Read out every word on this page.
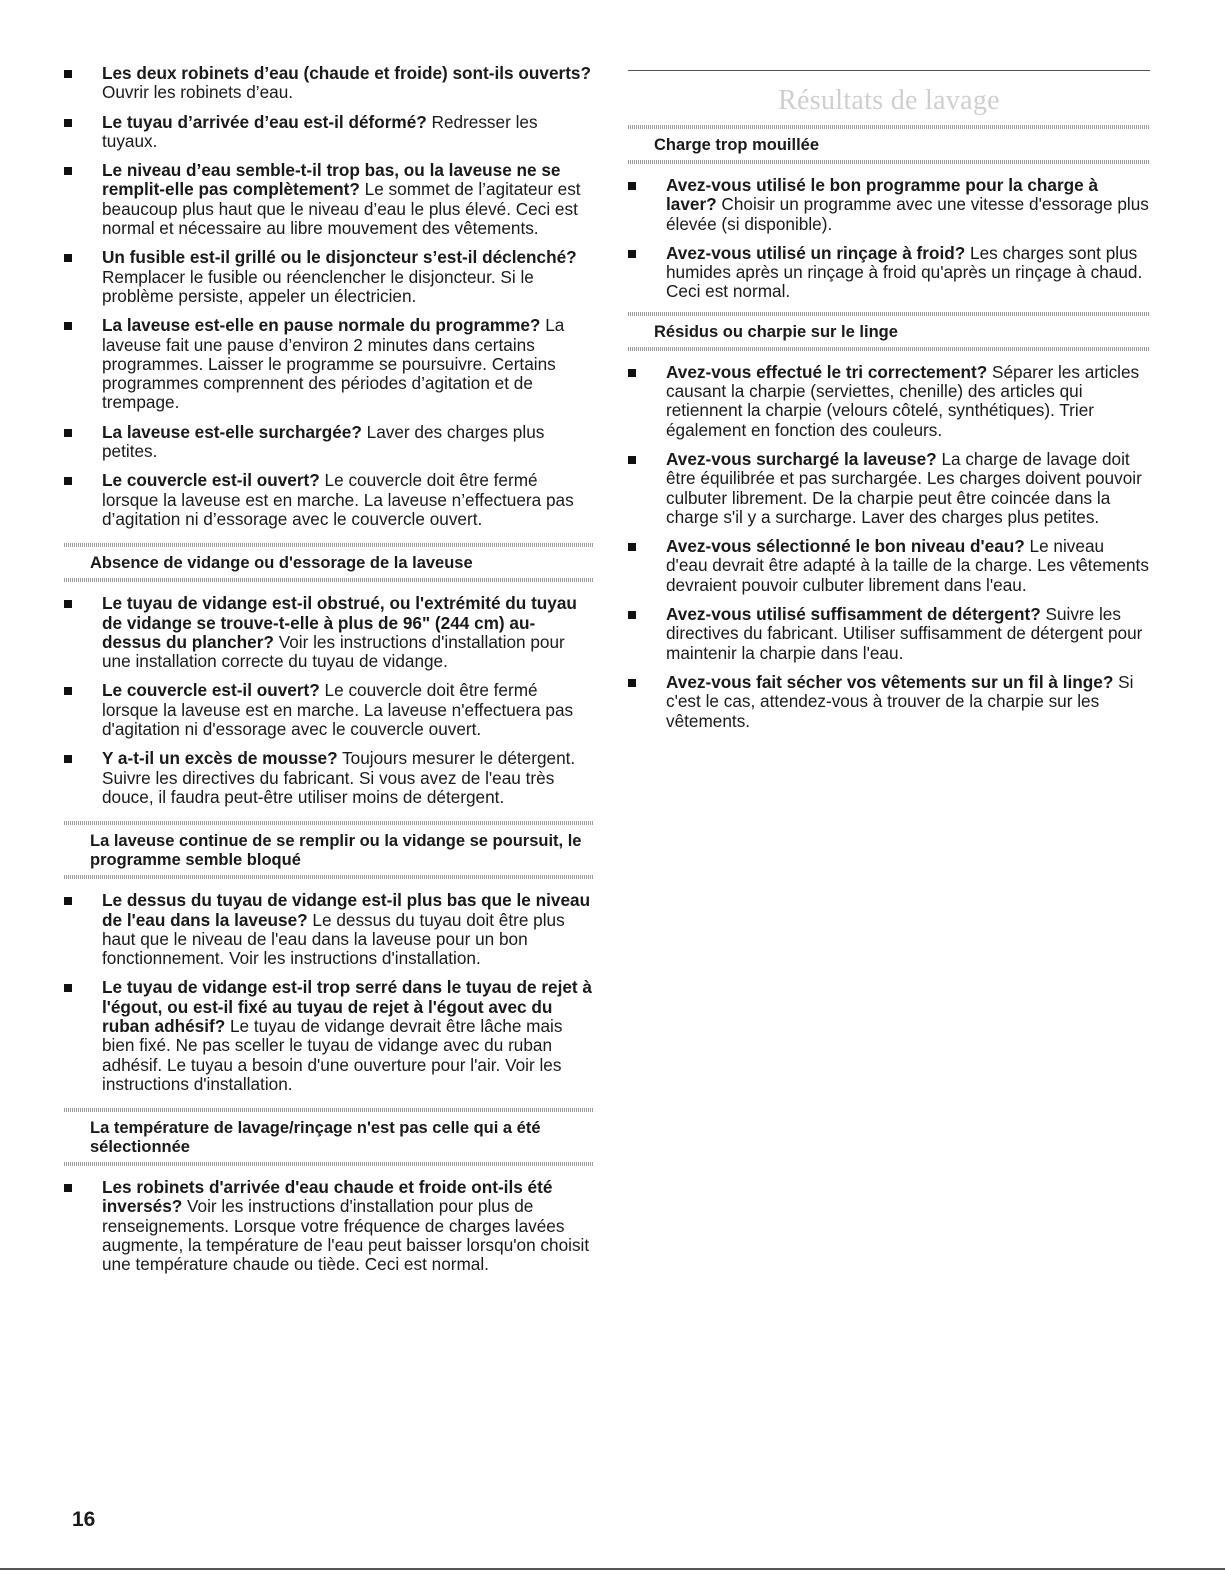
Les deux robinets d’eau (chaude et froide) sont-ils ouverts? Ouvrir les robinets d’eau.
Le tuyau d’arrivée d’eau est-il déformé? Redresser les tuyaux.
Le niveau d’eau semble-t-il trop bas, ou la laveuse ne se remplit-elle pas complètement? Le sommet de l’agitateur est beaucoup plus haut que le niveau d’eau le plus élevé. Ceci est normal et nécessaire au libre mouvement des vêtements.
Un fusible est-il grillé ou le disjoncteur s’est-il déclenché? Remplacer le fusible ou réenclencher le disjoncteur. Si le problème persiste, appeler un électricien.
La laveuse est-elle en pause normale du programme? La laveuse fait une pause d’environ 2 minutes dans certains programmes. Laisser le programme se poursuivre. Certains programmes comprennent des périodes d’agitation et de trempage.
La laveuse est-elle surchargée? Laver des charges plus petites.
Le couvercle est-il ouvert? Le couvercle doit être fermé lorsque la laveuse est en marche. La laveuse n’effectuera pas d’agitation ni d’essorage avec le couvercle ouvert.
Absence de vidange ou d'essorage de la laveuse
Le tuyau de vidange est-il obstrué, ou l'extrémité du tuyau de vidange se trouve-t-elle à plus de 96" (244 cm) au-dessus du plancher? Voir les instructions d'installation pour une installation correcte du tuyau de vidange.
Le couvercle est-il ouvert? Le couvercle doit être fermé lorsque la laveuse est en marche. La laveuse n'effectuera pas d'agitation ni d'essorage avec le couvercle ouvert.
Y a-t-il un excès de mousse? Toujours mesurer le détergent. Suivre les directives du fabricant. Si vous avez de l'eau très douce, il faudra peut-être utiliser moins de détergent.
La laveuse continue de se remplir ou la vidange se poursuit, le programme semble bloqué
Le dessus du tuyau de vidange est-il plus bas que le niveau de l'eau dans la laveuse? Le dessus du tuyau doit être plus haut que le niveau de l'eau dans la laveuse pour un bon fonctionnement. Voir les instructions d'installation.
Le tuyau de vidange est-il trop serré dans le tuyau de rejet à l'égout, ou est-il fixé au tuyau de rejet à l'égout avec du ruban adhésif? Le tuyau de vidange devrait être lâche mais bien fixé. Ne pas sceller le tuyau de vidange avec du ruban adhésif. Le tuyau a besoin d'une ouverture pour l'air. Voir les instructions d'installation.
La température de lavage/rinçage n'est pas celle qui a été sélectionnée
Les robinets d'arrivée d'eau chaude et froide ont-ils été inversés? Voir les instructions d'installation pour plus de renseignements. Lorsque votre fréquence de charges lavées augmente, la température de l'eau peut baisser lorsqu'on choisit une température chaude ou tiède. Ceci est normal.
Résultats de lavage
Charge trop mouillée
Avez-vous utilisé le bon programme pour la charge à laver? Choisir un programme avec une vitesse d'essorage plus élevée (si disponible).
Avez-vous utilisé un rinçage à froid? Les charges sont plus humides après un rinçage à froid qu'après un rinçage à chaud. Ceci est normal.
Résidus ou charpie sur le linge
Avez-vous effectué le tri correctement? Séparer les articles causant la charpie (serviettes, chenille) des articles qui retiennent la charpie (velours côtelé, synthétiques). Trier également en fonction des couleurs.
Avez-vous surchargé la laveuse? La charge de lavage doit être équilibrée et pas surchargée. Les charges doivent pouvoir culbuter librement. De la charpie peut être coincée dans la charge s'il y a surcharge. Laver des charges plus petites.
Avez-vous sélectionné le bon niveau d'eau? Le niveau d'eau devrait être adapté à la taille de la charge. Les vêtements devraient pouvoir culbuter librement dans l'eau.
Avez-vous utilisé suffisamment de détergent? Suivre les directives du fabricant. Utiliser suffisamment de détergent pour maintenir la charpie dans l'eau.
Avez-vous fait sécher vos vêtements sur un fil à linge? Si c'est le cas, attendez-vous à trouver de la charpie sur les vêtements.
16
